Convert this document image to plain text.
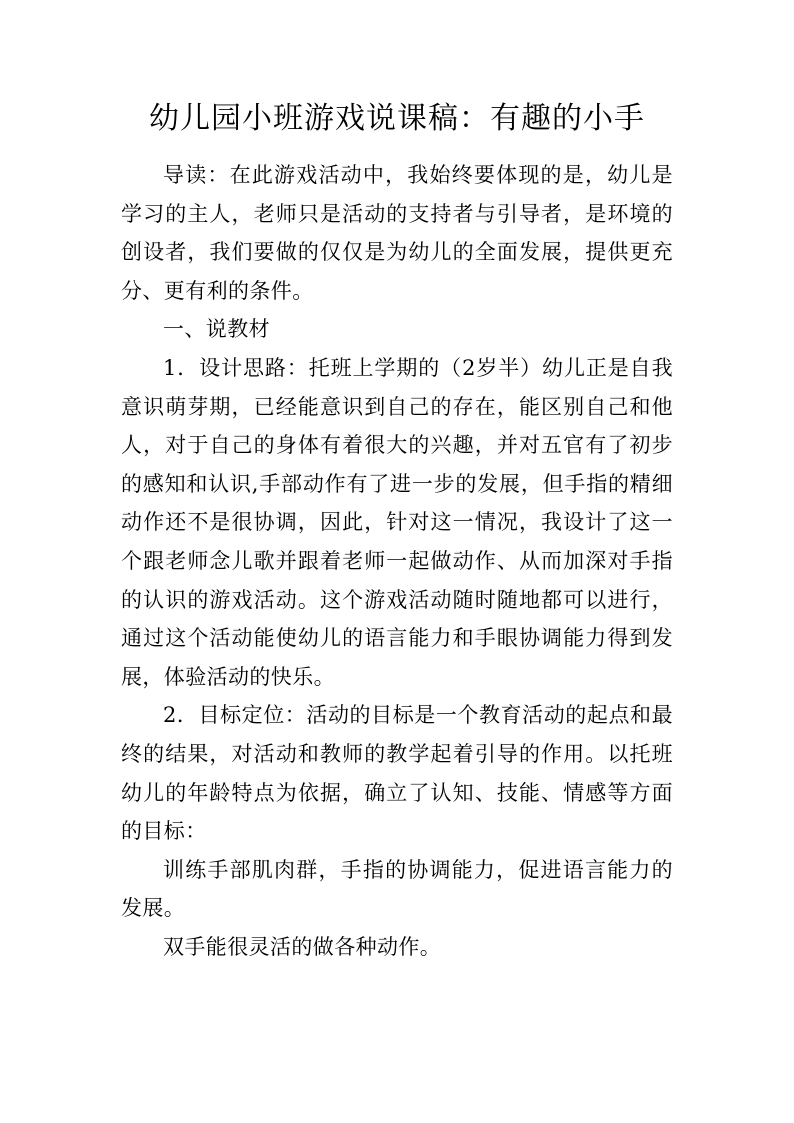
幼儿园小班游戏说课稿：有趣的小手

导读：在此游戏活动中，我始终要体现的是，幼儿是学习的主人，老师只是活动的支持者与引导者，是环境的创设者，我们要做的仅仅是为幼儿的全面发展，提供更充分、更有利的条件。

一、说教材

1．设计思路：托班上学期的（2岁半）幼儿正是自我意识萌芽期，已经能意识到自己的存在，能区别自己和他人，对于自己的身体有着很大的兴趣，并对五官有了初步的感知和认识,手部动作有了进一步的发展，但手指的精细动作还不是很协调，因此，针对这一情况，我设计了这一个跟老师念儿歌并跟着老师一起做动作、从而加深对手指的认识的游戏活动。这个游戏活动随时随地都可以进行，通过这个活动能使幼儿的语言能力和手眼协调能力得到发展，体验活动的快乐。

2．目标定位：活动的目标是一个教育活动的起点和最终的结果，对活动和教师的教学起着引导的作用。以托班幼儿的年龄特点为依据，确立了认知、技能、情感等方面的目标：

训练手部肌肉群，手指的协调能力，促进语言能力的发展。

双手能很灵活的做各种动作。
